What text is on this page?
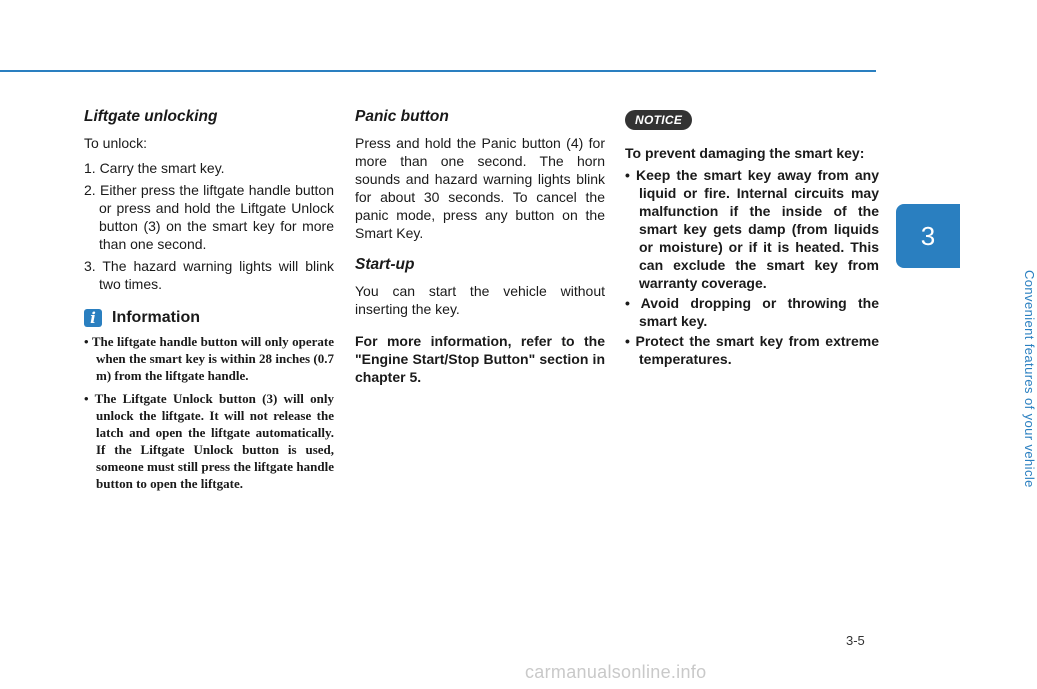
Liftgate unlocking

To unlock:

1. Carry the smart key.
2. Either press the liftgate handle button or press and hold the Liftgate Unlock button (3) on the smart key for more than one second.
3. The hazard warning lights will blink two times.
i	Information
• The liftgate handle button will only operate when the smart key is within 28 inches (0.7 m) from the liftgate handle.
• The Liftgate Unlock button (3) will only unlock the liftgate. It will not release the latch and open the liftgate automatically. If the Liftgate Unlock button is used, someone must still press the liftgate handle button to open the liftgate.
Panic button

Press and hold the Panic button (4) for more than one second. The horn sounds and hazard warning lights blink for about 30 seconds. To cancel the panic mode, press any button on the Smart Key.

Start-up

You can start the vehicle without inserting the key.

For more information, refer to the "Engine Start/Stop Button" section in chapter 5.

NOTICE

To prevent damaging the smart key:

• Keep the smart key away from any liquid or fire. Internal circuits may malfunction if the inside of the smart key gets damp (from liquids or moisture) or if it is heated. This can exclude the smart key from warranty coverage.
• Avoid dropping or throwing the smart key.
• Protect the smart key from extreme temperatures.
3
Convenient features of your vehicle
3-5
carmanualsonline.info
